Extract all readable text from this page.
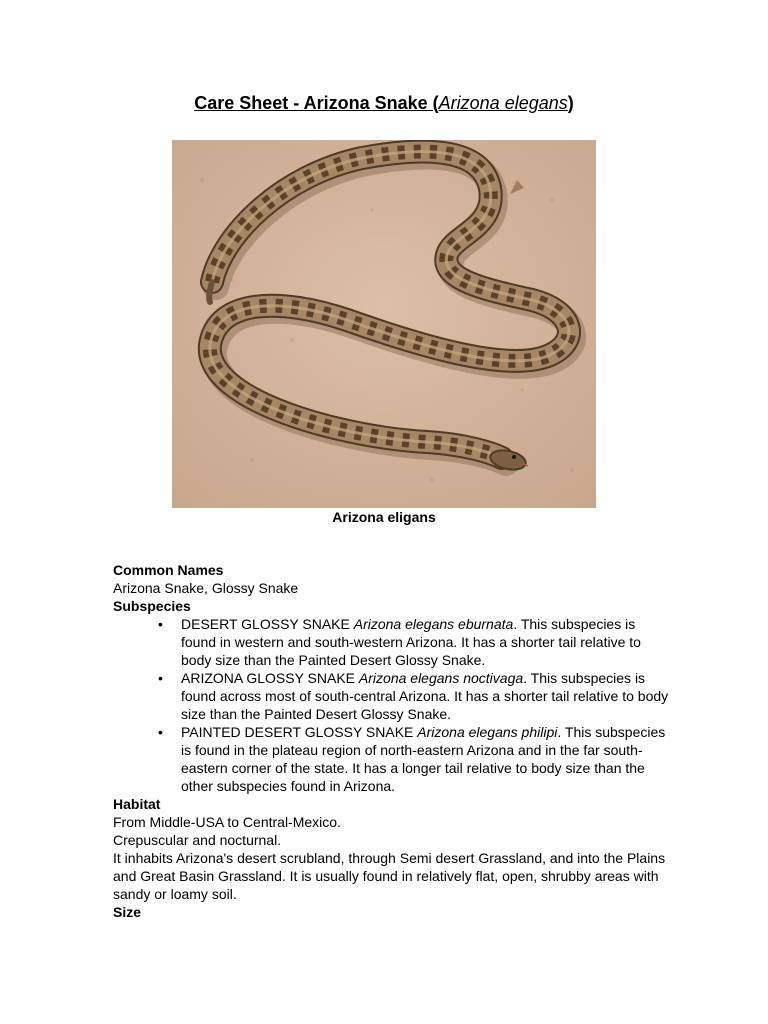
Care Sheet - Arizona Snake (Arizona elegans)
Arizona eligans

Common Names

Arizona Snake, Glossy Snake

Subspecies

• DESERT GLOSSY SNAKE Arizona elegans eburnata. This subspecies is found in western and south-western Arizona. It has a shorter tail relative to body size than the Painted Desert Glossy Snake.
• ARIZONA GLOSSY SNAKE Arizona elegans noctivaga. This subspecies is found across most of south-central Arizona. It has a shorter tail relative to body size than the Painted Desert Glossy Snake.
• PAINTED DESERT GLOSSY SNAKE Arizona elegans philipi. This subspecies is found in the plateau region of north-eastern Arizona and in the far south-eastern corner of the state. It has a longer tail relative to body size than the other subspecies found in Arizona.

Habitat

From Middle-USA to Central-Mexico.

Crepuscular and nocturnal.

It inhabits Arizona's desert scrubland, through Semi desert Grassland, and into the Plains and Great Basin Grassland. It is usually found in relatively flat, open, shrubby areas with sandy or loamy soil.

Size
